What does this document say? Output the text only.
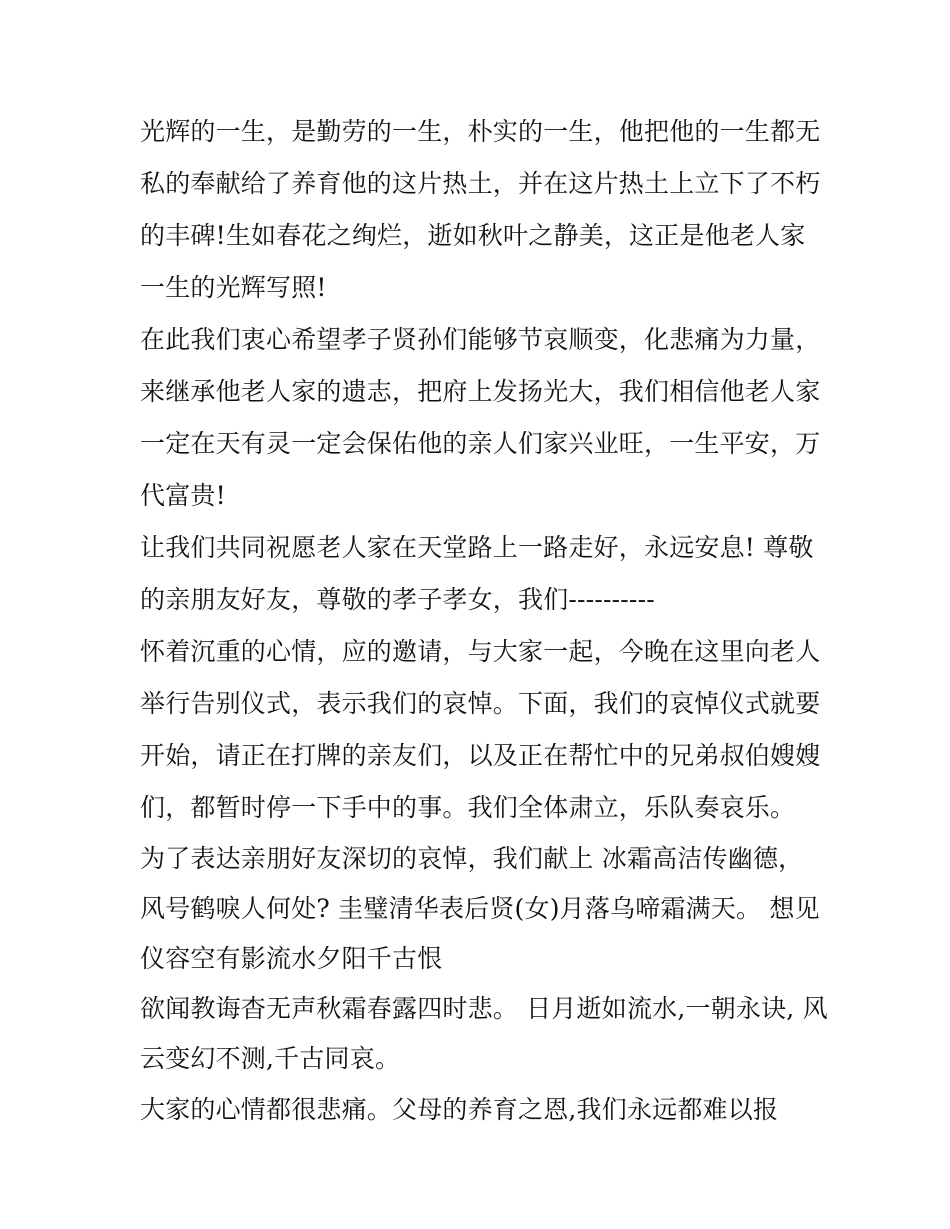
光辉的一生，是勤劳的一生，朴实的一生，他把他的一生都无
私的奉献给了养育他的这片热土，并在这片热土上立下了不朽
的丰碑!生如春花之绚烂，逝如秋叶之静美，这正是他老人家
一生的光辉写照!
在此我们衷心希望孝子贤孙们能够节哀顺变，化悲痛为力量，
来继承他老人家的遗志，把府上发扬光大，我们相信他老人家
一定在天有灵一定会保佑他的亲人们家兴业旺，一生平安，万
代富贵!
让我们共同祝愿老人家在天堂路上一路走好，永远安息! 尊敬
的亲朋友好友，尊敬的孝子孝女，我们----------
怀着沉重的心情，应的邀请，与大家一起，今晚在这里向老人
举行告别仪式，表示我们的哀悼。下面，我们的哀悼仪式就要
开始，请正在打牌的亲友们，以及正在帮忙中的兄弟叔伯嫂嫂
们，都暂时停一下手中的事。我们全体肃立，乐队奏哀乐。
为了表达亲朋好友深切的哀悼，我们献上 冰霜高洁传幽德，
风号鹤唳人何处? 圭璧清华表后贤(女)月落乌啼霜满天。 想见
仪容空有影流水夕阳千古恨
欲闻教诲杳无声秋霜春露四时悲。 日月逝如流水,一朝永诀, 风
云变幻不测,千古同哀。
大家的心情都很悲痛。父母的养育之恩,我们永远都难以报
